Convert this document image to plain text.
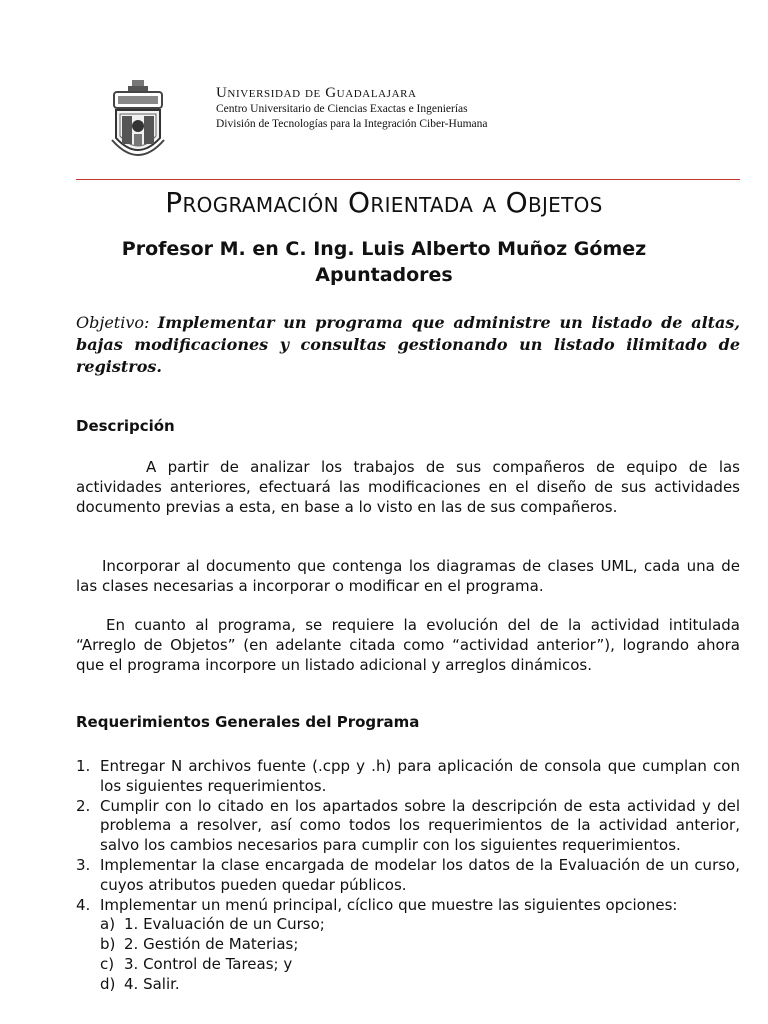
Universidad de Guadalajara
Centro Universitario de Ciencias Exactas e Ingenierías
División de Tecnologías para la Integración Ciber-Humana
Programación Orientada a Objetos
Profesor M. en C. Ing. Luis Alberto Muñoz Gómez
Apuntadores
Objetivo: Implementar un programa que administre un listado de altas, bajas modificaciones y consultas gestionando un listado ilimitado de registros.
Descripción
A partir de analizar los trabajos de sus compañeros de equipo de las actividades anteriores, efectuará las modificaciones en el diseño de sus actividades documento previas a esta, en base a lo visto en las de sus compañeros.
Incorporar al documento que contenga los diagramas de clases UML, cada una de las clases necesarias a incorporar o modificar en el programa.
En cuanto al programa, se requiere la evolución del de la actividad intitulada “Arreglo de Objetos” (en adelante citada como “actividad anterior”), logrando ahora que el programa incorpore un listado adicional y arreglos dinámicos.
Requerimientos Generales del Programa
1. Entregar N archivos fuente (.cpp y .h) para aplicación de consola que cumplan con los siguientes requerimientos.
2. Cumplir con lo citado en los apartados sobre la descripción de esta actividad y del problema a resolver, así como todos los requerimientos de la actividad anterior, salvo los cambios necesarios para cumplir con los siguientes requerimientos.
3. Implementar la clase encargada de modelar los datos de la Evaluación de un curso, cuyos atributos pueden quedar públicos.
4. Implementar un menú principal, cíclico que muestre las siguientes opciones:
a) 1. Evaluación de un Curso;
b) 2. Gestión de Materias;
c) 3. Control de Tareas; y
d) 4. Salir.
